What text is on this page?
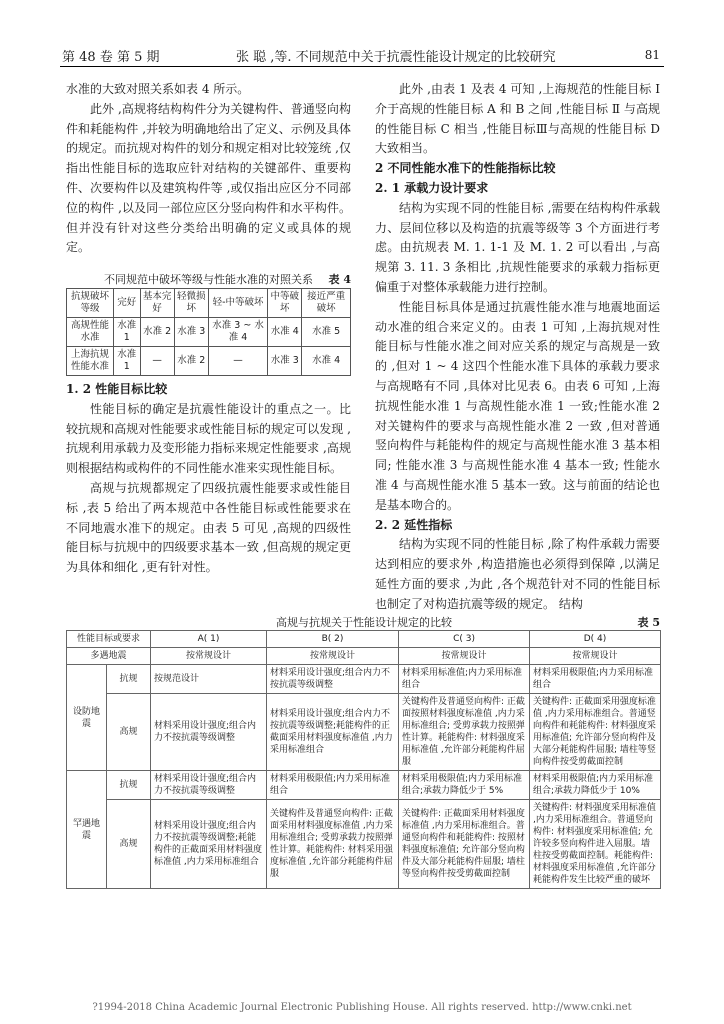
第 48 卷 第 5 期	张 聪 ,等. 不同规范中关于抗震性能设计规定的比较研究	81

水准的大致对照关系如表 4 所示。

此外 ,高规将结构构件分为关键构件、普通竖向构件和耗能构件 ,并较为明确地给出了定义、示例及具体的规定。而抗规对构件的划分和规定相对比较笼统 ,仅指出性能目标的选取应针对结构的关键部件、重要构件、次要构件以及建筑构件等 ,或仅指出应区分不同部位的构件 ,以及同一部位应区分竖向构件和水平构件。但并没有针对这些分类给出明确的定义或具体的规定。

不同规范中破坏等级与性能水准的对照关系 表 4
抗规破坏等级	完好	基本完好	轻微损坏	轻-中等破坏	中等破坏	接近严重破坏
高规性能水准	水准 1	水准 2	水准 3	水准 3 ~ 水准 4	水准 4	水准 5
上海抗规性能水准	水准 1	—	水准 2	—	水准 3	水准 4

1. 2 性能目标比较

性能目标的确定是抗震性能设计的重点之一。比较抗规和高规对性能要求或性能目标的规定可以发现 ,抗规利用承载力及变形能力指标来规定性能要求 ,高规则根据结构或构件的不同性能水准来实现性能目标。

高规与抗规都规定了四级抗震性能要求或性能目标 ,表 5 给出了两本规范中各性能目标或性能要求在不同地震水准下的规定。由表 5 可见 ,高规的四级性能目标与抗规中的四级要求基本一致 ,但高规的规定更为具体和细化 ,更有针对性。

此外 ,由表 1 及表 4 可知 ,上海规范的性能目标 Ⅰ 介于高规的性能目标 A 和 B 之间 ,性能目标 Ⅱ 与高规的性能目标 C 相当 ,性能目标Ⅲ与高规的性能目标 D 大致相当。

2 不同性能水准下的性能指标比较

2. 1 承载力设计要求

结构为实现不同的性能目标 ,需要在结构构件承载力、层间位移以及构造的抗震等级等 3 个方面进行考虑。由抗规表 M. 1. 1-1 及 M. 1. 2 可以看出 ,与高规第 3. 11. 3 条相比 ,抗规性能要求的承载力指标更偏重于对整体承载能力进行控制。

性能目标具体是通过抗震性能水准与地震地面运动水准的组合来定义的。由表 1 可知 ,上海抗规对性能目标与性能水准之间对应关系的规定与高规是一致的 ,但对 1 ~ 4 这四个性能水准下具体的承载力要求与高规略有不同 ,具体对比见表 6。由表 6 可知 ,上海抗规性能水准 1 与高规性能水准 1 一致;性能水准 2 对关键构件的要求与高规性能水准 2 一致 ,但对普通竖向构件与耗能构件的规定与高规性能水准 3 基本相同; 性能水准 3 与高规性能水准 4 基本一致; 性能水准 4 与高规性能水准 5 基本一致。这与前面的结论也是基本吻合的。

2. 2 延性指标

结构为实现不同的性能目标 ,除了构件承载力需要达到相应的要求外 ,构造措施也必须得到保障 ,以满足延性方面的要求 ,为此 ,各个规范针对不同的性能目标也制定了对构造抗震等级的规定。 结构

高规与抗规关于性能设计规定的比较	表 5
性能目标或要求		A( 1)	B( 2)	C( 3)	D( 4)
多遇地震		按常规设计	按常规设计	按常规设计	按常规设计
设防地震	抗规	按规范设计	材料采用设计强度;组合内力不按抗震等级调整	材料采用标准值;内力采用标准组合	材料采用极限值;内力采用标准组合
	高规	材料采用设计强度;组合内力不按抗震等级调整	材料采用设计强度;组合内力不按抗震等级调整;耗能构件的正截面采用材料强度标准值 ,内力采用标准组合	关键构件及普通竖向构件: 正截面按照材料强度标准值 ,内力采用标准组合; 受剪承载力按照弹性计算。耗能构件: 材料强度采用标准值 ,允许部分耗能构件屈服	关键构件: 正截面采用强度标准值 ,内力采用标准组合。普通竖向构件和耗能构件: 材料强度采用标准值; 允许部分竖向构件及大部分耗能构件屈服; 墙柱等竖向构件按受剪截面控制
罕遇地震	抗规	材料采用设计强度;组合内力不按抗震等级调整	材料采用极限值;内力采用标准组合	材料采用极限值;内力采用标准组合;承载力降低少于 5%	材料采用极限值;内力采用标准组合;承载力降低少于 10%
	高规	材料采用设计强度;组合内力不按抗震等级调整;耗能构件的正截面采用材料强度标准值 ,内力采用标准组合	关键构件及普通竖向构件: 正截面采用材料强度标准值 ,内力采用标准组合; 受剪承载力按照弹性计算。耗能构件: 材料采用强度标准值 ,允许部分耗能构件屈服	关键构件: 正截面采用材料强度标准值 ,内力采用标准组合。普通竖向构件和耗能构件: 按照材料强度标准值; 允许部分竖向构件及大部分耗能构件屈服; 墙柱等竖向构件按受剪截面控制	关键构件: 材料强度采用标准值 ,内力采用标准组合。普通竖向构件: 材料强度采用标准值; 允许较多竖向构件进入屈服。墙柱按受剪截面控制。耗能构件: 材料强度采用标准值 ,允许部分耗能构件发生比较严重的破坏
?1994-2018 China Academic Journal Electronic Publishing House. All rights reserved. http://www.cnki.net
